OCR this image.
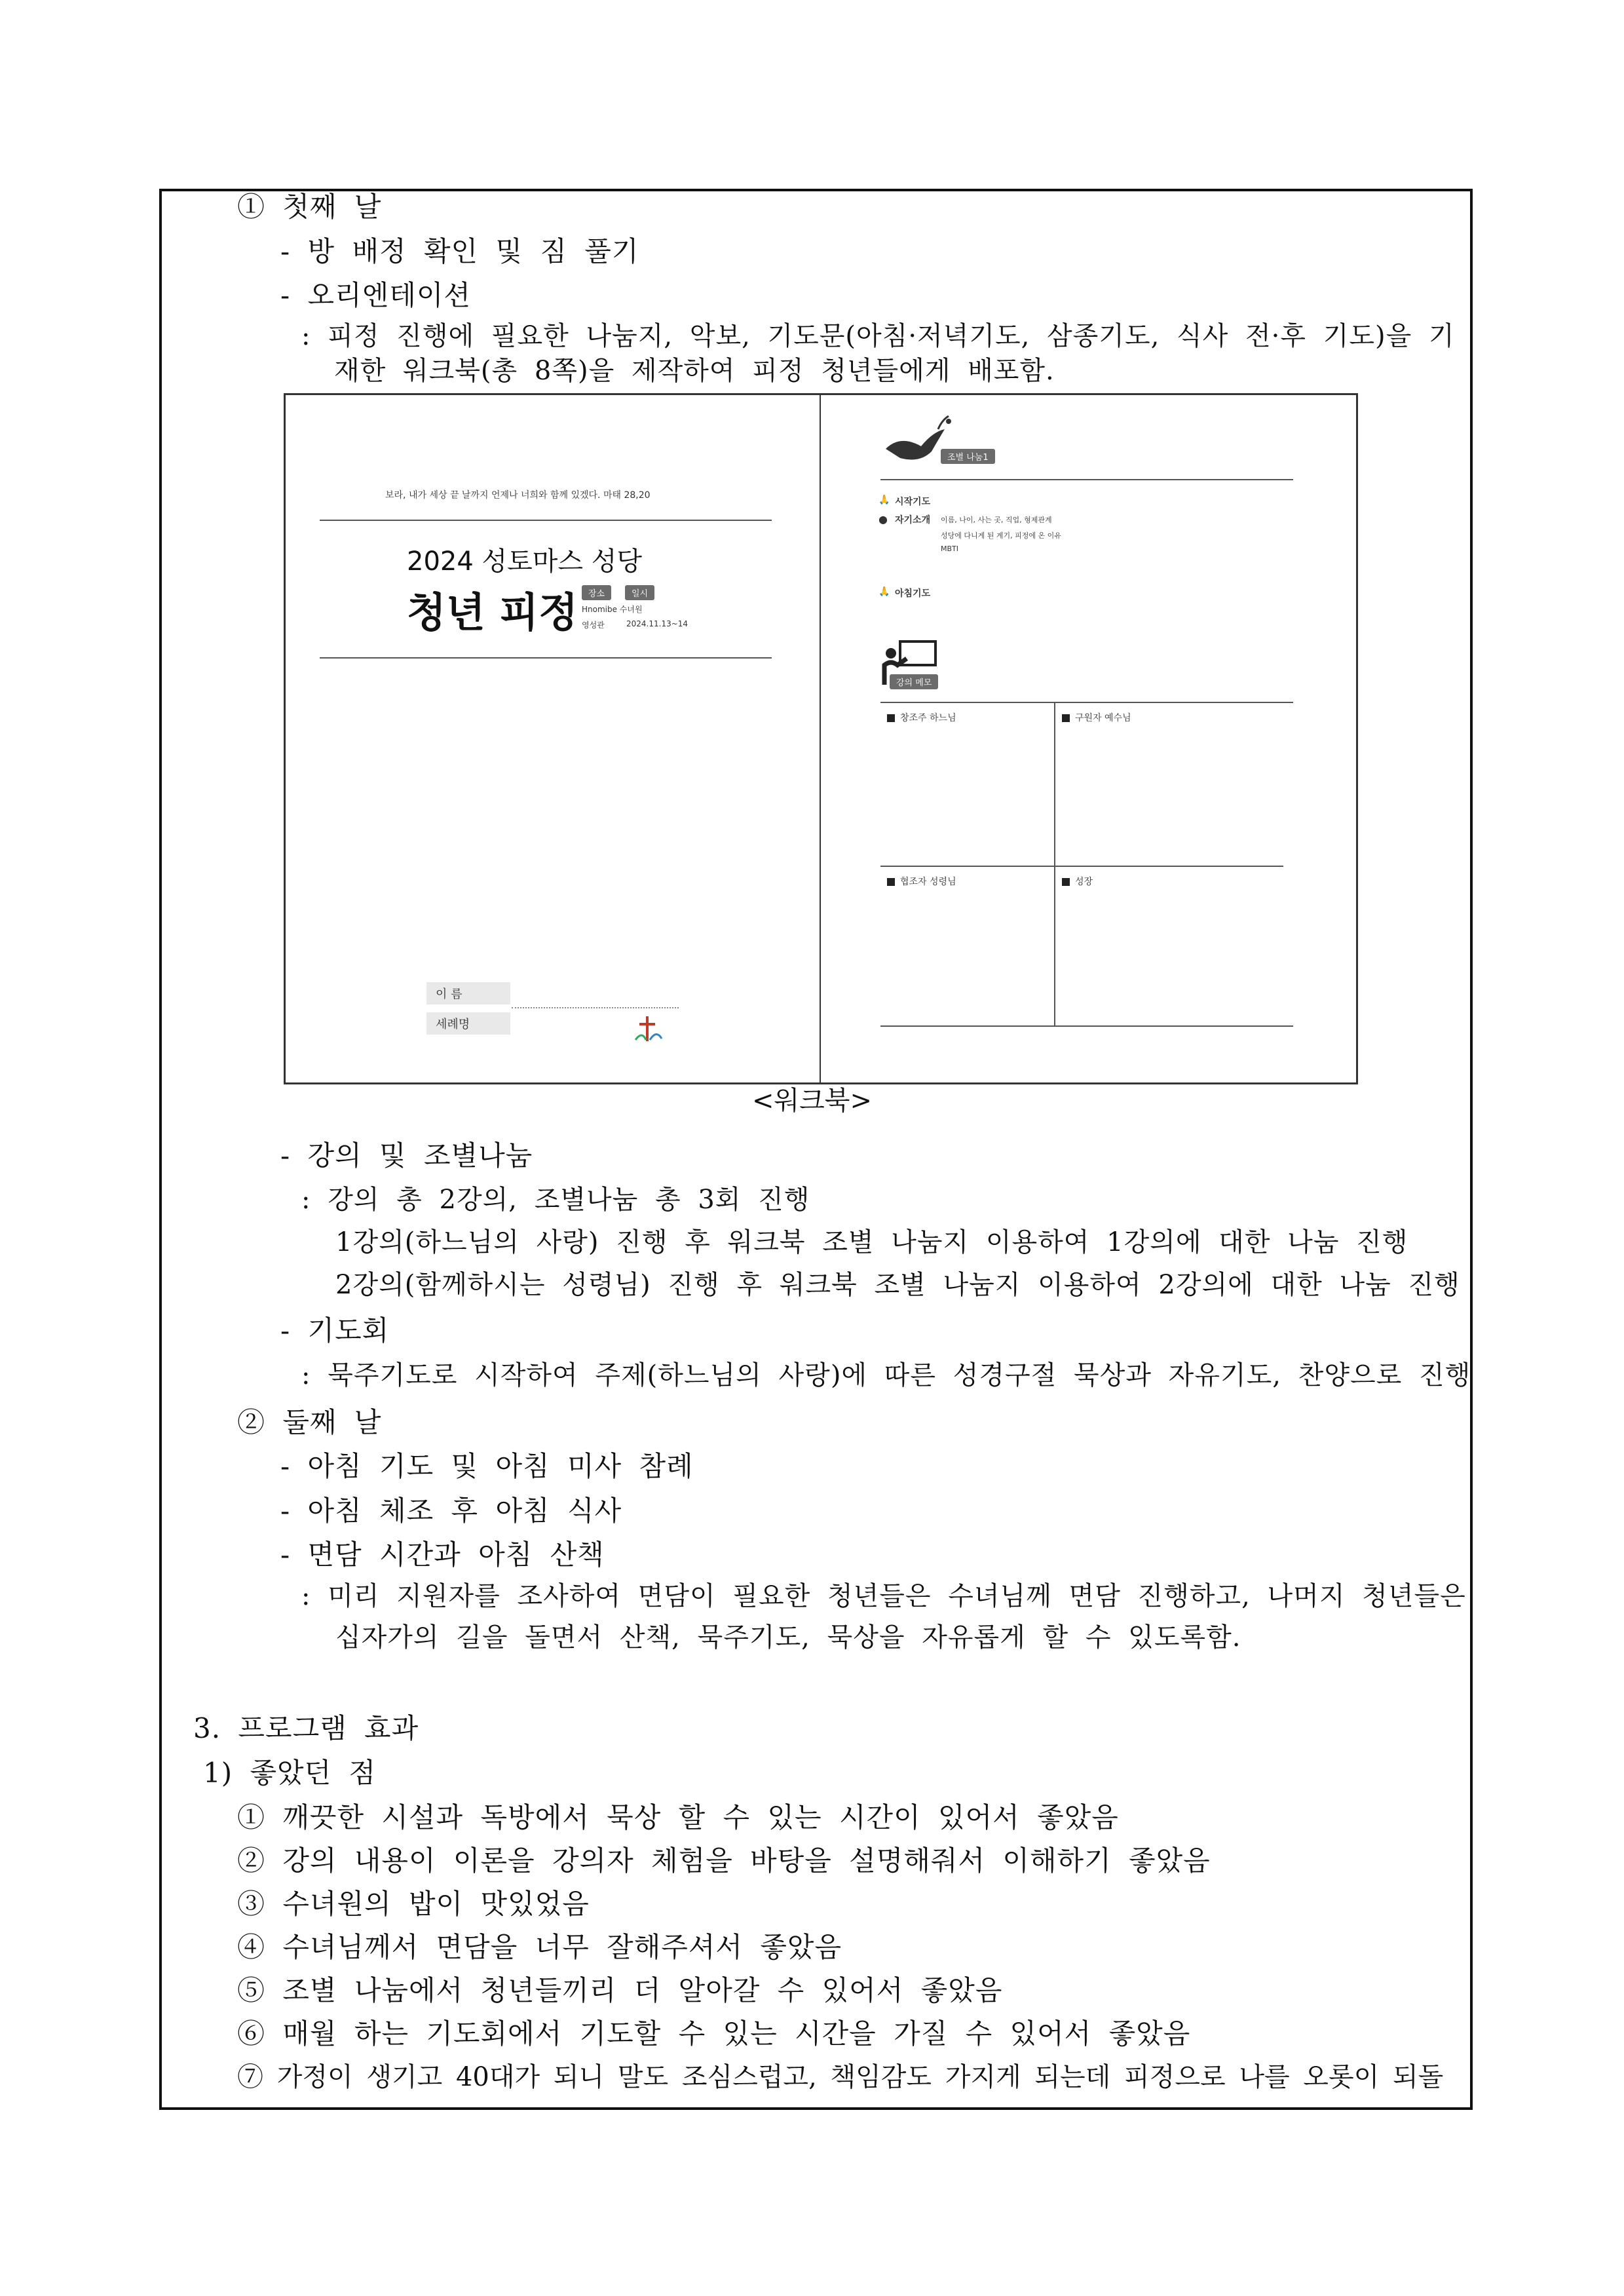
① 첫째 날
- 방 배정 확인 및 짐 풀기
- 오리엔테이션
: 피정 진행에 필요한 나눔지, 악보, 기도문(아침·저녁기도, 삼종기도, 식사 전·후 기도)을 기
재한 워크북(총 8쪽)을 제작하여 피정 청년들에게 배포함.
보라, 내가 세상 끝 날까지 언제나 너희와 함께 있겠다. 마태 28,20
2024 성토마스 성당
청년 피정	장소	일시
Hnomibe 수녀원
영성관	2024.11.13~14
이 름
세례명
조별 나눔1
🙏 시작기도
● 자기소개 이름, 나이, 사는 곳, 직업, 형제관계
성당에 다니게 된 계기, 피정에 온 이유
MBTI
🙏 아침기도
강의 메모
창조주 하느님	구원자 예수님
협조자 성령님	성장
<워크북>
- 강의 및 조별나눔
: 강의 총 2강의, 조별나눔 총 3회 진행
1강의(하느님의 사랑) 진행 후 워크북 조별 나눔지 이용하여 1강의에 대한 나눔 진행
2강의(함께하시는 성령님) 진행 후 워크북 조별 나눔지 이용하여 2강의에 대한 나눔 진행
- 기도회
: 묵주기도로 시작하여 주제(하느님의 사랑)에 따른 성경구절 묵상과 자유기도, 찬양으로 진행
② 둘째 날
- 아침 기도 및 아침 미사 참례
- 아침 체조 후 아침 식사
- 면담 시간과 아침 산책
: 미리 지원자를 조사하여 면담이 필요한 청년들은 수녀님께 면담 진행하고, 나머지 청년들은
십자가의 길을 돌면서 산책, 묵주기도, 묵상을 자유롭게 할 수 있도록함.
3. 프로그램 효과
1) 좋았던 점
① 깨끗한 시설과 독방에서 묵상 할 수 있는 시간이 있어서 좋았음
② 강의 내용이 이론을 강의자 체험을 바탕을 설명해줘서 이해하기 좋았음
③ 수녀원의 밥이 맛있었음
④ 수녀님께서 면담을 너무 잘해주셔서 좋았음
⑤ 조별 나눔에서 청년들끼리 더 알아갈 수 있어서 좋았음
⑥ 매월 하는 기도회에서 기도할 수 있는 시간을 가질 수 있어서 좋았음
⑦ 가정이 생기고 40대가 되니 말도 조심스럽고, 책임감도 가지게 되는데 피정으로 나를 오롯이 되돌
